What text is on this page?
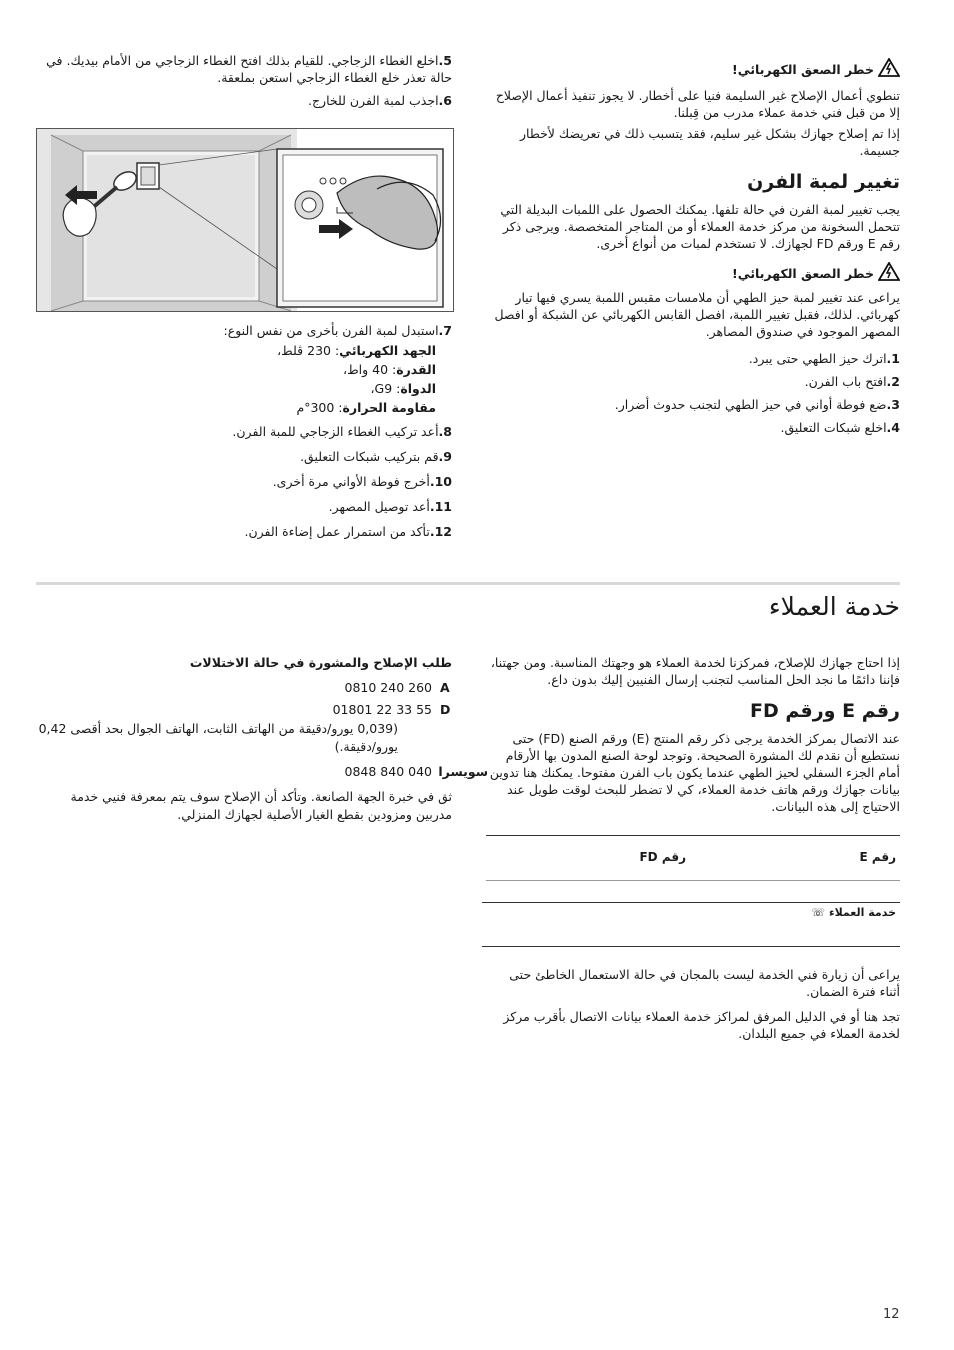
خطر الصعق الكهربائي!

تنطوي أعمال الإصلاح غير السليمة فنيا على أخطار. لا يجوز تنفيذ أعمال الإصلاح إلا من قبل فني خدمة عملاء مدرب من قِبلنا.

إذا تم إصلاح جهازك بشكل غير سليم، فقد يتسبب ذلك في تعريضك لأخطار جسيمة.

تغيير لمبة الفرن

يجب تغيير لمبة الفرن في حالة تلفها. يمكنك الحصول على اللمبات البديلة التي تتحمل السخونة من مركز خدمة العملاء أو من المتاجر المتخصصة. ويرجى ذكر رقم E ورقم FD لجهازك. لا تستخدم لمبات من أنواع أخرى.

خطر الصعق الكهربائي!

يراعى عند تغيير لمبة حيز الطهي أن ملامسات مقبس اللمبة يسري فيها تيار كهربائي. لذلك، فقبل تغيير اللمبة، افصل القابس الكهربائي عن الشبكة أو افصل المصهر الموجود في صندوق المصاهر.

1.اترك حيز الطهي حتى يبرد.

2.افتح باب الفرن.

3.ضع فوطة أواني في حيز الطهي لتجنب حدوث أضرار.

4.اخلع شبكات التعليق.

5.اخلع الغطاء الزجاجي. للقيام بذلك افتح الغطاء الزجاجي من الأمام بيديك. في حالة تعذر خلع الغطاء الزجاجي استعن بملعقة.

6.اجذب لمبة الفرن للخارج.

7.استبدل لمبة الفرن بأخرى من نفس النوع:

الجهد الكهربائي: 230 ڤلط،

القدرة: 40 واط،

الدواة: G9،

مقاومة الحرارة: 300°م

8.أعد تركيب الغطاء الزجاجي للمبة الفرن.

9.قم بتركيب شبكات التعليق.

10.أخرج فوطة الأواني مرة أخرى.

11.أعد توصيل المصهر.

12.تأكد من استمرار عمل إضاءة الفرن.

خدمة العملاء

إذا احتاج جهازك للإصلاح، فمركزنا لخدمة العملاء هو وجهتك المناسبة. ومن جهتنا، فإننا دائمًا ما نجد الحل المناسب لتجنب إرسال الفنيين إليك بدون داع.

رقم E ورقم FD

عند الاتصال بمركز الخدمة يرجى ذكر رقم المنتج (E) ورقم الصنع (FD) حتى نستطيع أن نقدم لك المشورة الصحيحة. وتوجد لوحة الصنع المدون بها الأرقام أمام الجزء السفلي لحيز الطهي عندما يكون باب الفرن مفتوحا. يمكنك هنا تدوين بيانات جهازك ورقم هاتف خدمة العملاء، كي لا تضطر للبحث لوقت طويل عند الاحتياج إلى هذه البيانات.

رقم E
رقم FD
خدمة العملاء ☏

يراعى أن زيارة فني الخدمة ليست بالمجان في حالة الاستعمال الخاطئ حتى أثناء فترة الضمان.

تجد هنا أو في الدليل المرفق لمراكز خدمة العملاء بيانات الاتصال بأقرب مركز لخدمة العملاء في جميع البلدان.

طلب الإصلاح والمشورة في حالة الاختلالات
0810 240 260 A
01801 22 33 55 D
(0,039 يورو/دقيقة من الهاتف الثابت، الهاتف الجوال بحد أقصى 0,42 يورو/دقيقة.)
0848 840 040 سويسرا
ثق في خبرة الجهة الصانعة. وتأكد أن الإصلاح سوف يتم بمعرفة فنيي خدمة مدربين ومزودين بقطع الغيار الأصلية لجهازك المنزلي.
12
